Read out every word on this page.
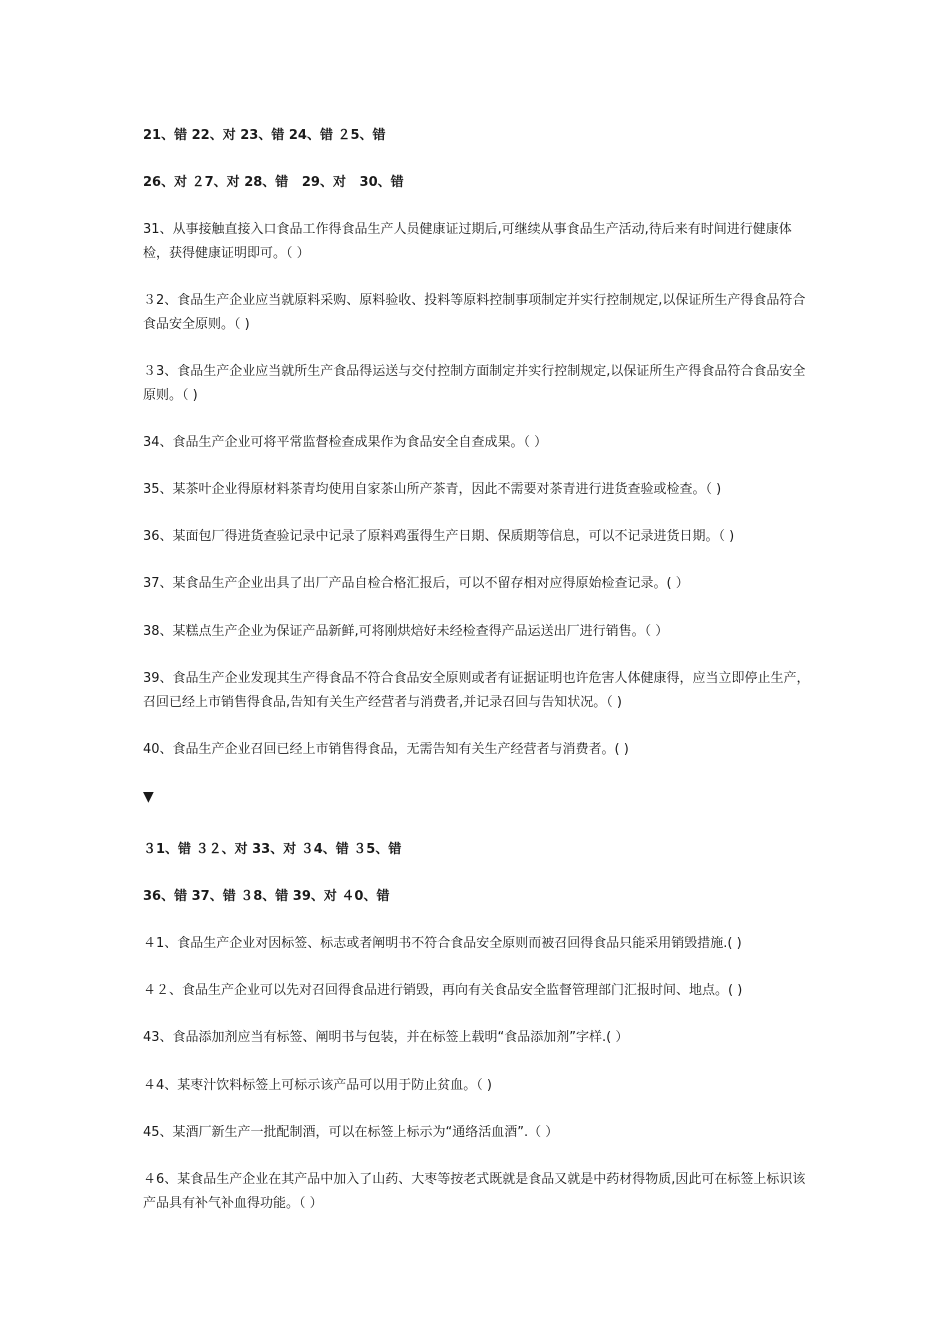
21、错 22、对 23、错 24、错 ２5、错

26、对 ２7、对 28、错   29、对   30、错

31、从事接触直接入口食品工作得食品生产人员健康证过期后,可继续从事食品生产活动,待后来有时间进行健康体检，获得健康证明即可。（ ）

３2、食品生产企业应当就原料采购、原料验收、投料等原料控制事项制定并实行控制规定,以保证所生产得食品符合食品安全原则。（ )

３3、食品生产企业应当就所生产食品得运送与交付控制方面制定并实行控制规定,以保证所生产得食品符合食品安全原则。（ )

34、食品生产企业可将平常监督检查成果作为食品安全自查成果。（ ）

35、某茶叶企业得原材料茶青均使用自家茶山所产茶青，因此不需要对茶青进行进货查验或检查。（ )

36、某面包厂得进货查验记录中记录了原料鸡蛋得生产日期、保质期等信息，可以不记录进货日期。（ )

37、某食品生产企业出具了出厂产品自检合格汇报后，可以不留存相对应得原始检查记录。( ）

38、某糕点生产企业为保证产品新鲜,可将刚烘焙好未经检查得产品运送出厂进行销售。（ ）

39、食品生产企业发现其生产得食品不符合食品安全原则或者有证据证明也许危害人体健康得，应当立即停止生产，召回已经上市销售得食品,告知有关生产经营者与消费者,并记录召回与告知状况。（ )

40、食品生产企业召回已经上市销售得食品，无需告知有关生产经营者与消费者。( )

▼

３1、错 ３２、对 33、对 ３4、错 ３5、错

36、错 37、错 ３8、错 39、对 ４0、错

４1、食品生产企业对因标签、标志或者阐明书不符合食品安全原则而被召回得食品只能采用销毁措施.( )

４２、食品生产企业可以先对召回得食品进行销毁，再向有关食品安全监督管理部门汇报时间、地点。( )

43、食品添加剂应当有标签、阐明书与包装，并在标签上载明“食品添加剂”字样.( ）

４4、某枣汁饮料标签上可标示该产品可以用于防止贫血。（ )

45、某酒厂新生产一批配制酒，可以在标签上标示为“通络活血酒”.（ ）

４6、某食品生产企业在其产品中加入了山药、大枣等按老式既就是食品又就是中药材得物质,因此可在标签上标识该产品具有补气补血得功能。（ ）
